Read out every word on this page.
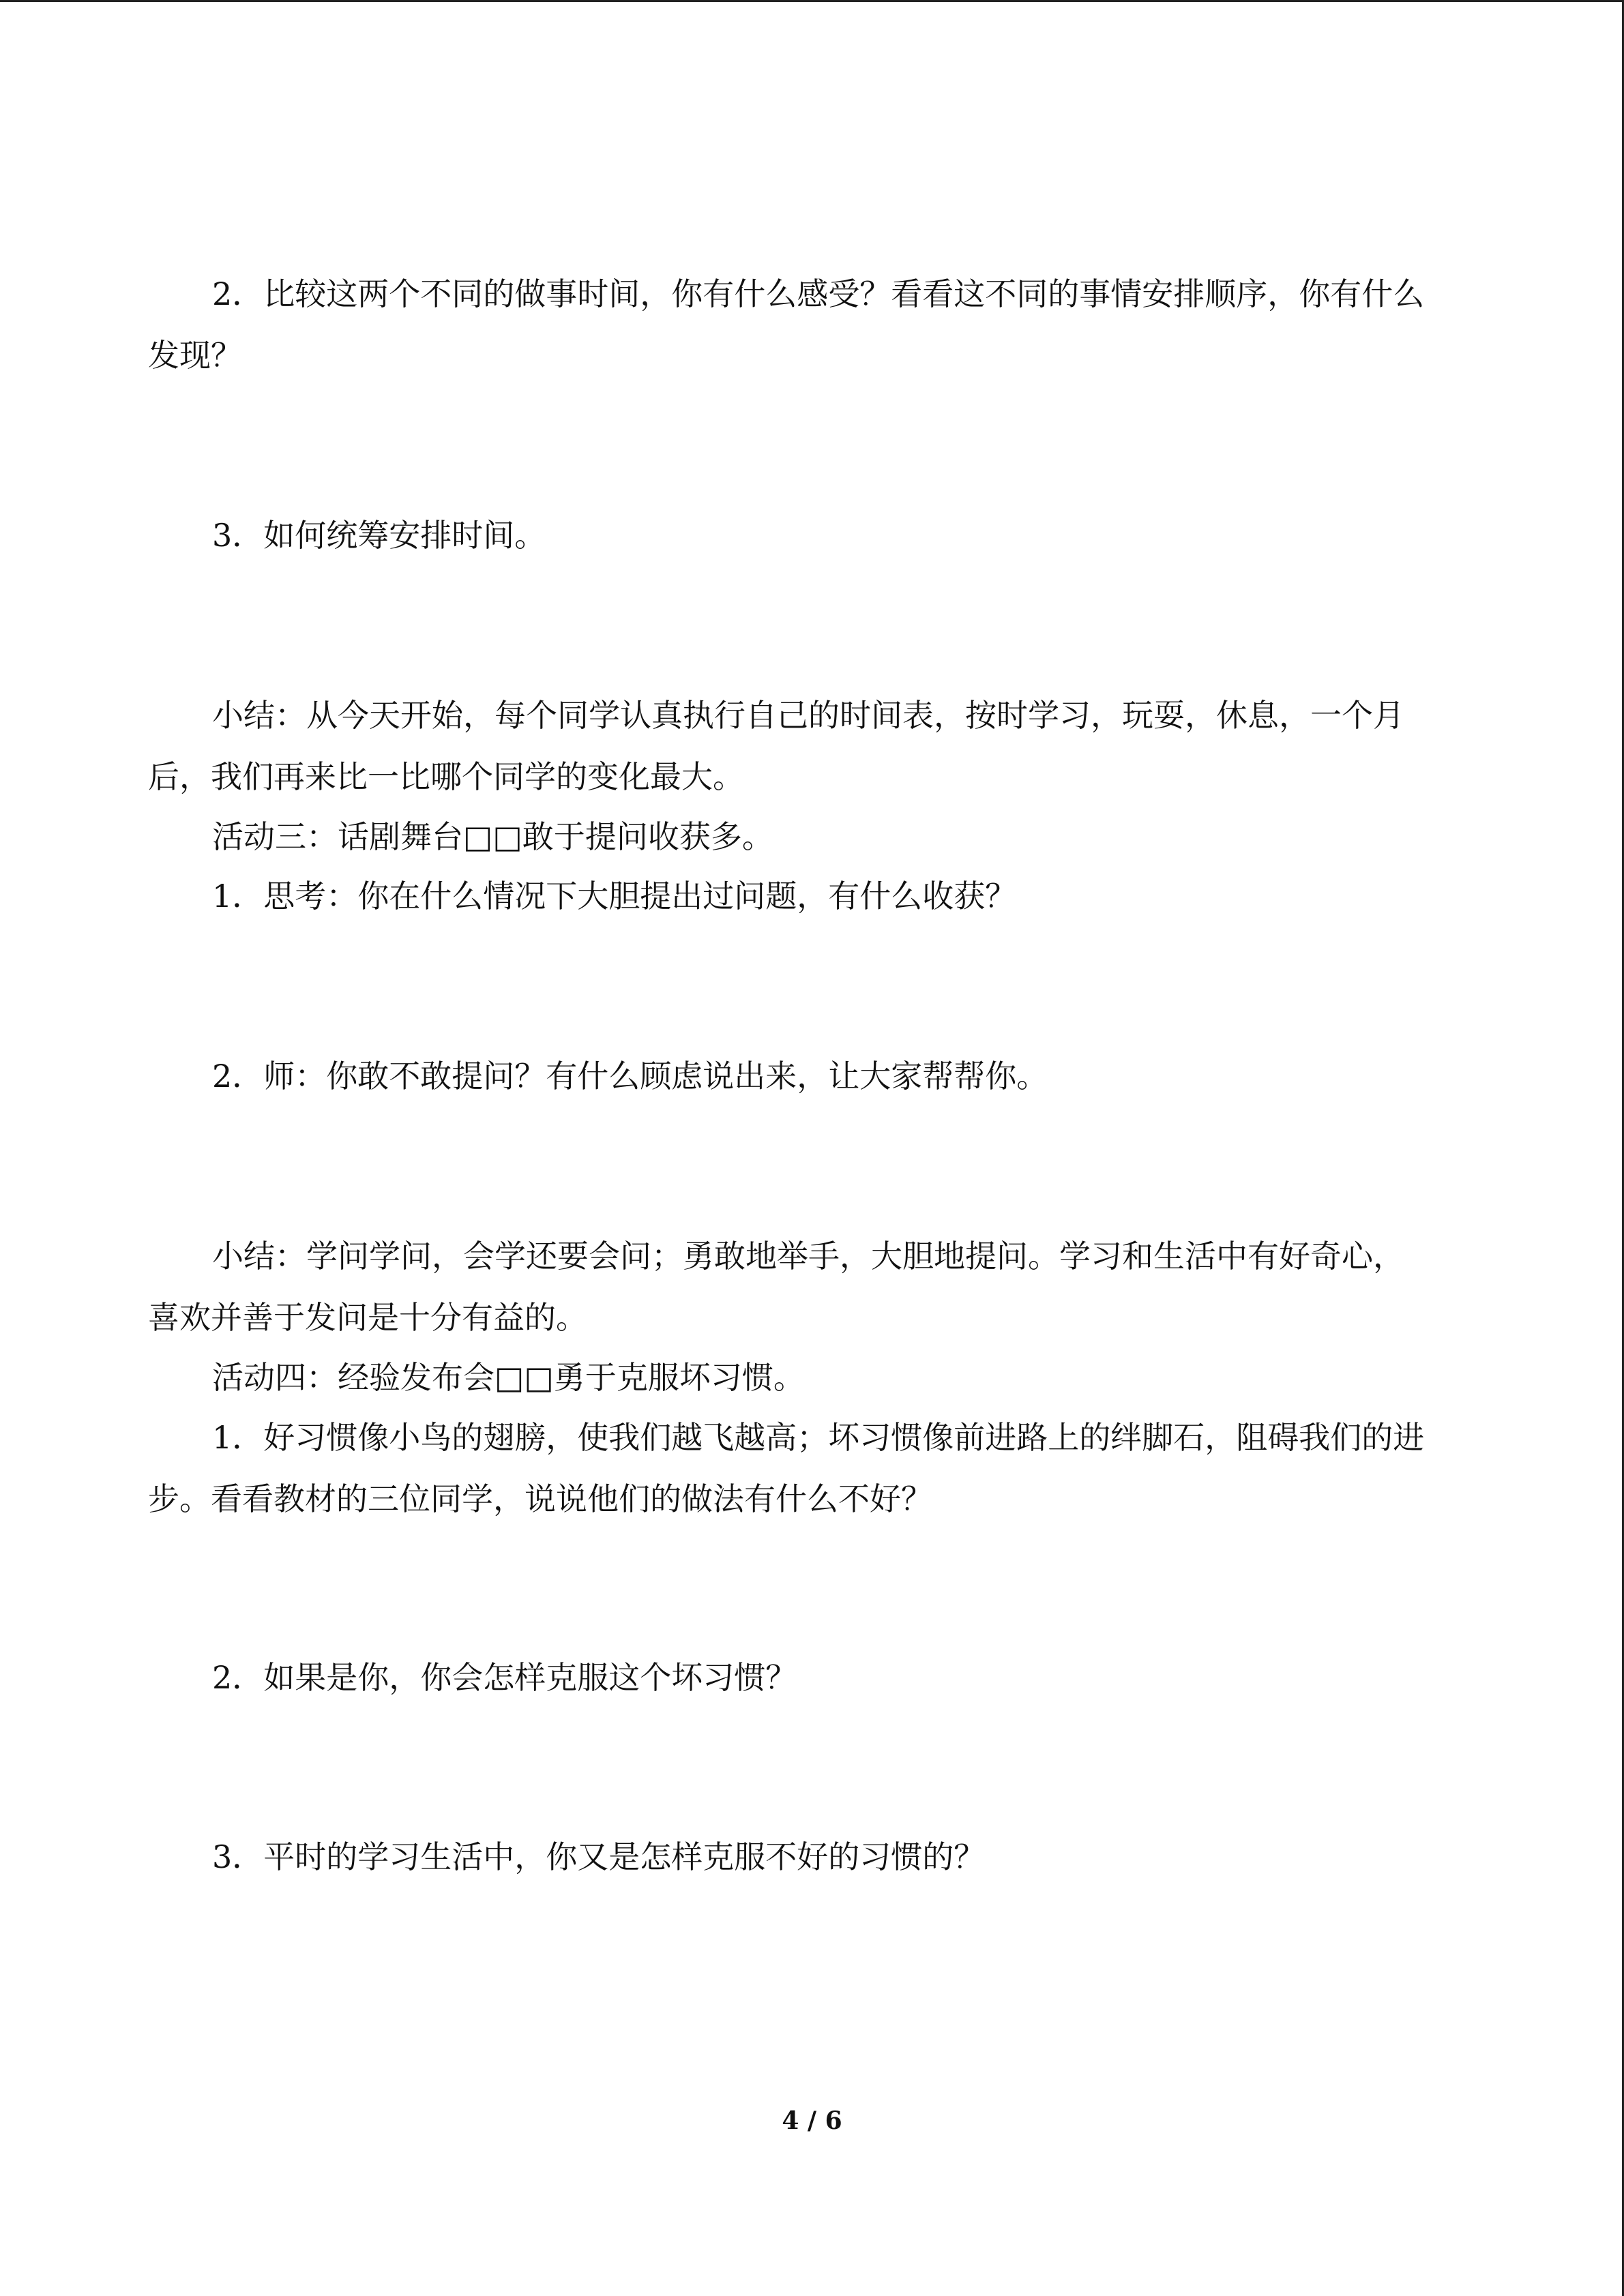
2．比较这两个不同的做事时间，你有什么感受？看看这不同的事情安排顺序，你有什么

发现？

3．如何统筹安排时间。

小结：从今天开始，每个同学认真执行自己的时间表，按时学习，玩耍，休息，一个月

后，我们再来比一比哪个同学的变化最大。

活动三：话剧舞台□□敢于提问收获多。

1．思考：你在什么情况下大胆提出过问题，有什么收获？

2．师：你敢不敢提问？有什么顾虑说出来，让大家帮帮你。

小结：学问学问，会学还要会问；勇敢地举手，大胆地提问。学习和生活中有好奇心，

喜欢并善于发问是十分有益的。

活动四：经验发布会□□勇于克服坏习惯。

1．好习惯像小鸟的翅膀，使我们越飞越高；坏习惯像前进路上的绊脚石，阻碍我们的进

步。看看教材的三位同学，说说他们的做法有什么不好？

2．如果是你，你会怎样克服这个坏习惯？

3．平时的学习生活中，你又是怎样克服不好的习惯的？

4 / 6
